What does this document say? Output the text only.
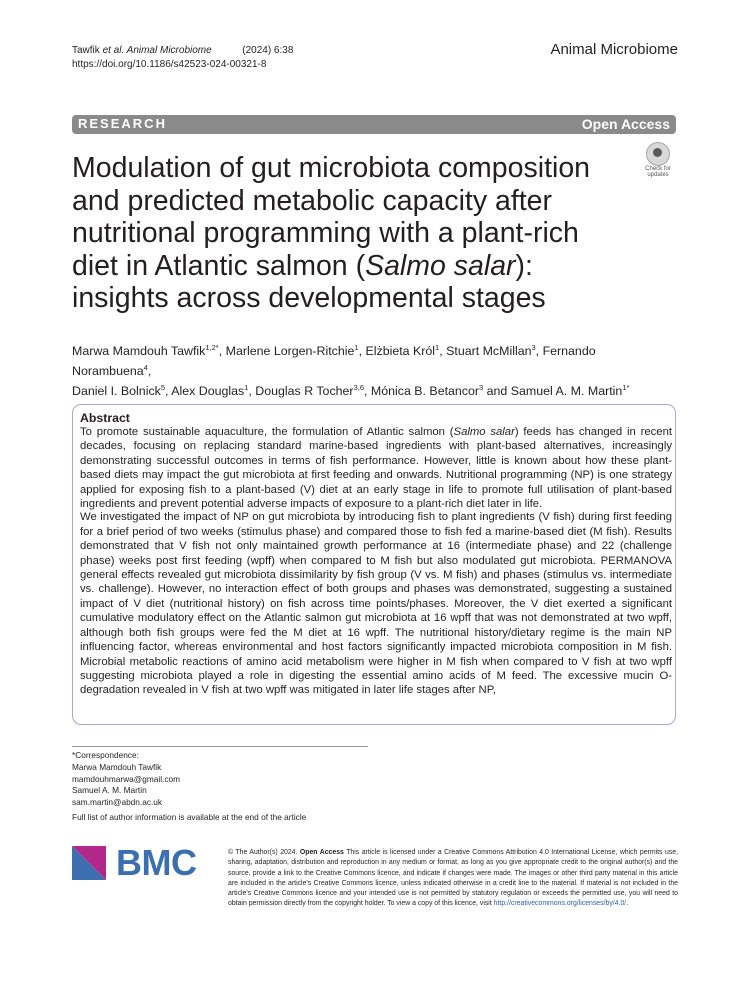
Tawfik et al. Animal Microbiome	(2024) 6:38
https://doi.org/10.1186/s42523-024-00321-8
Animal Microbiome
RESEARCH	Open Access
Check for
updates
Modulation of gut microbiota composition and predicted metabolic capacity after nutritional programming with a plant-rich diet in Atlantic salmon (Salmo salar): insights across developmental stages
Marwa Mamdouh Tawfik$^{1,2*}$, Marlene Lorgen-Ritchie$^1$, Elżbieta Król$^1$, Stuart McMillan$^3$, Fernando Norambuena$^4$,
Daniel I. Bolnick$^5$, Alex Douglas$^1$, Douglas R Tocher$^{3,6}$, Mónica B. Betancor$^3$ and Samuel A. M. Martin$^{1*}$
Abstract
To promote sustainable aquaculture, the formulation of Atlantic salmon (Salmo salar) feeds has changed in recent decades, focusing on replacing standard marine-based ingredients with plant-based alternatives, increasingly demonstrating successful outcomes in terms of fish performance. However, little is known about how these plant-based diets may impact the gut microbiota at first feeding and onwards. Nutritional programming (NP) is one strategy applied for exposing fish to a plant-based (V) diet at an early stage in life to promote full utilisation of plant-based ingredients and prevent potential adverse impacts of exposure to a plant-rich diet later in life.
We investigated the impact of NP on gut microbiota by introducing fish to plant ingredients (V fish) during first feeding for a brief period of two weeks (stimulus phase) and compared those to fish fed a marine-based diet (M fish). Results demonstrated that V fish not only maintained growth performance at 16 (intermediate phase) and 22 (challenge phase) weeks post first feeding (wpff) when compared to M fish but also modulated gut microbiota. PERMANOVA general effects revealed gut microbiota dissimilarity by fish group (V vs. M fish) and phases (stimulus vs. intermediate vs. challenge). However, no interaction effect of both groups and phases was demonstrated, suggesting a sustained impact of V diet (nutritional history) on fish across time points/phases. Moreover, the V diet exerted a significant cumulative modulatory effect on the Atlantic salmon gut microbiota at 16 wpff that was not demonstrated at two wpff, although both fish groups were fed the M diet at 16 wpff. The nutritional history/dietary regime is the main NP influencing factor, whereas environmental and host factors significantly impacted microbiota composition in M fish. Microbial metabolic reactions of amino acid metabolism were higher in M fish when compared to V fish at two wpff suggesting microbiota played a role in digesting the essential amino acids of M feed. The excessive mucin O-degradation revealed in V fish at two wpff was mitigated in later life stages after NP,
*Correspondence:
Marwa Mamdouh Tawfik
mamdouhmarwa@gmail.com
Samuel A. M. Martin
sam.martin@abdn.ac.uk
Full list of author information is available at the end of the article
BMC	© The Author(s) 2024. Open Access This article is licensed under a Creative Commons Attribution 4.0 International License, which permits use, sharing, adaptation, distribution and reproduction in any medium or format, as long as you give appropriate credit to the original author(s) and the source, provide a link to the Creative Commons licence, and indicate if changes were made. The images or other third party material in this article are included in the article's Creative Commons licence, unless indicated otherwise in a credit line to the material. If material is not included in the article's Creative Commons licence and your intended use is not permitted by statutory regulation or exceeds the permitted use, you will need to obtain permission directly from the copyright holder. To view a copy of this licence, visit http://creativecommons.org/licenses/by/4.0/.
